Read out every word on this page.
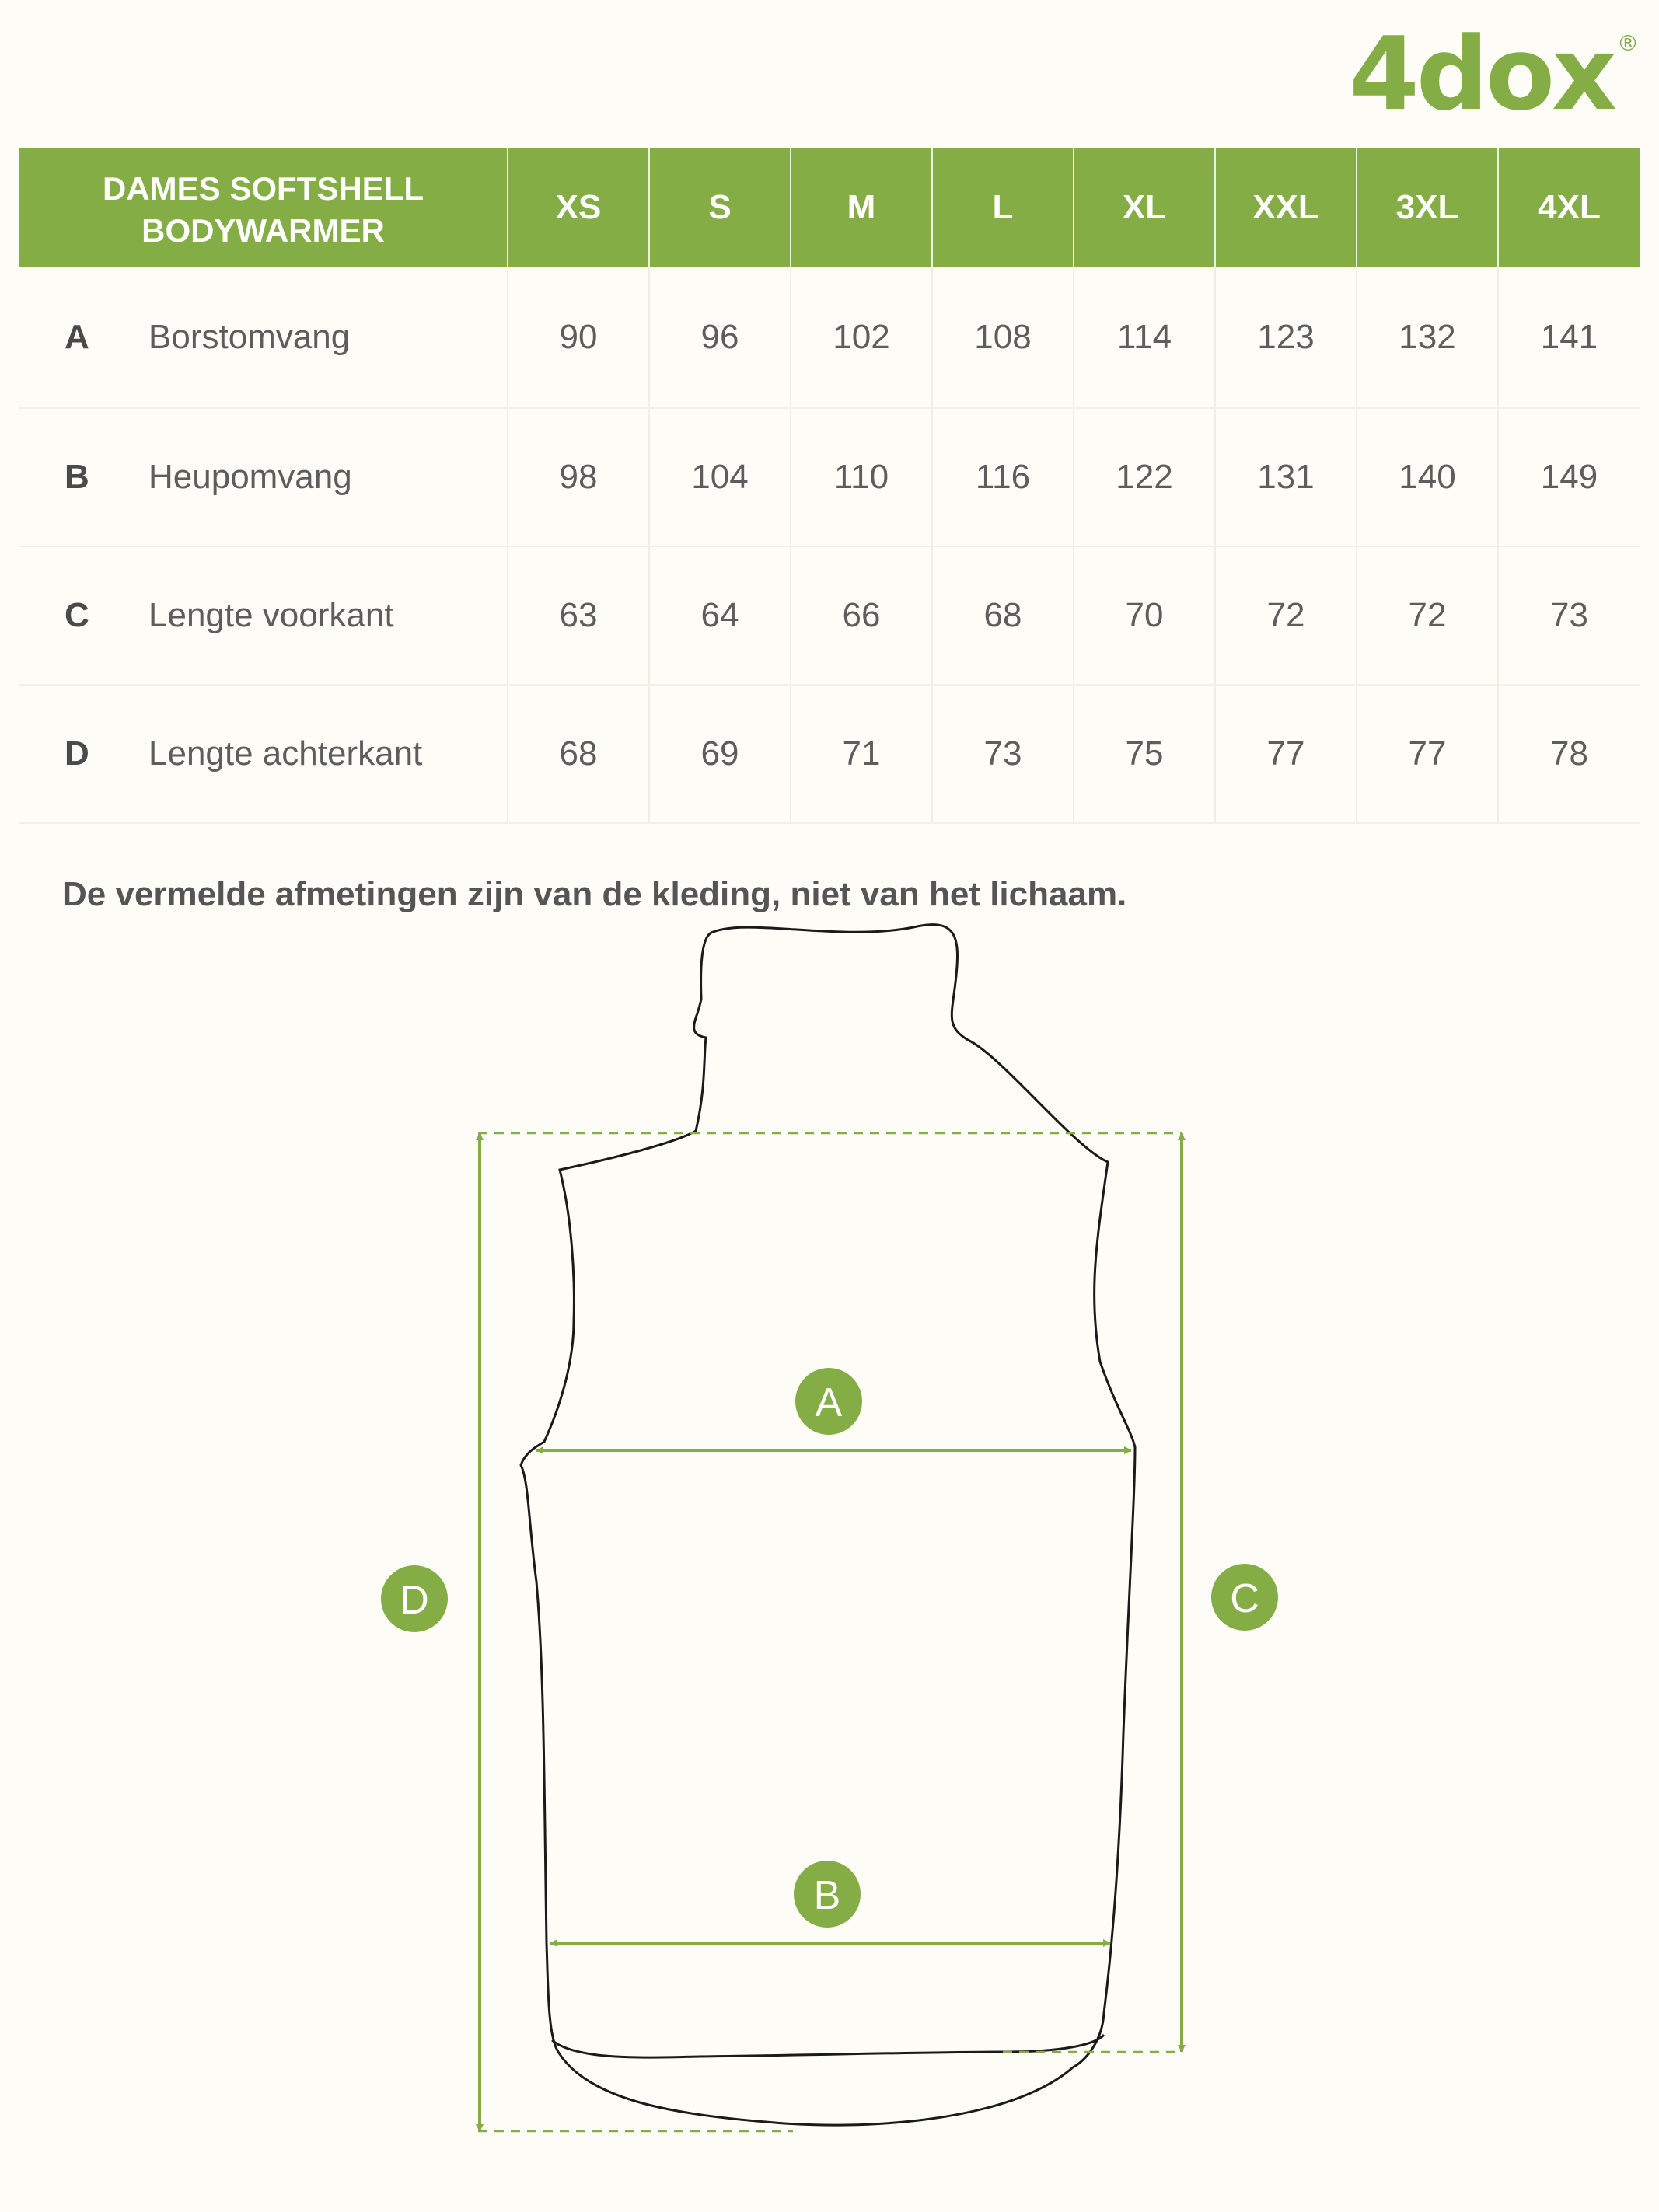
4dox ®
DAMES SOFTSHELL
BODYWARMER	XS	S	M	L	XL	XXL	3XL	4XL
A Borstomvang	90	96	102	108	114	123	132	141
B Heupomvang	98	104	110	116	122	131	140	149
C Lengte voorkant	63	64	66	68	70	72	72	73
D Lengte achterkant	68	69	71	73	75	77	77	78
De vermelde afmetingen zijn van de kleding, niet van het lichaam.
A
B
C
D
